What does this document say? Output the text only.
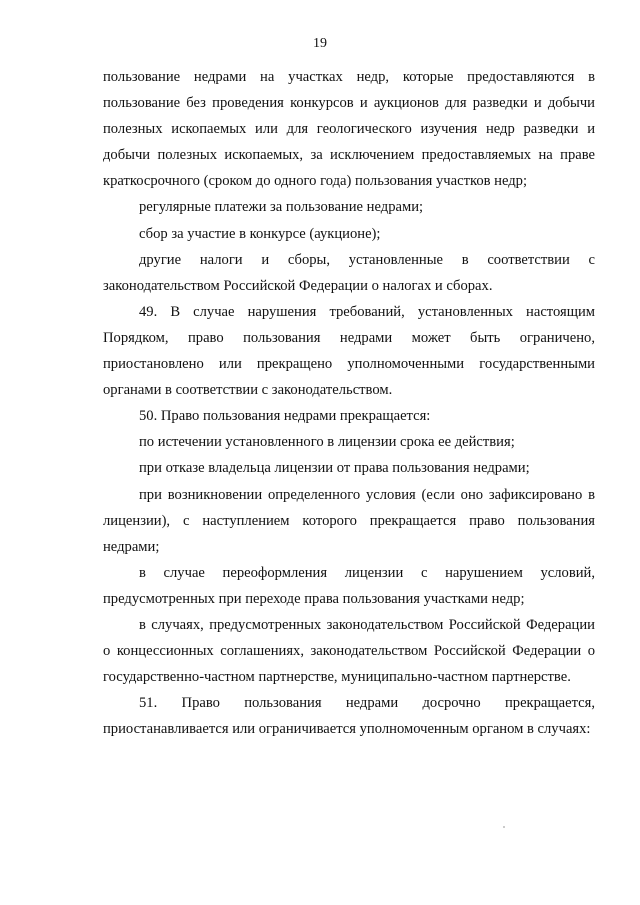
19

пользование недрами на участках недр, которые предоставляются в пользование без проведения конкурсов и аукционов для разведки и добычи полезных ископаемых или для геологического изучения недр разведки и добычи полезных ископаемых, за исключением предоставляемых на праве краткосрочного (сроком до одного года) пользования участков недр;

регулярные платежи за пользование недрами;

сбор за участие в конкурсе (аукционе);

другие налоги и сборы, установленные в соответствии с законодательством Российской Федерации о налогах и сборах.

49. В случае нарушения требований, установленных настоящим Порядком, право пользования недрами может быть ограничено, приостановлено или прекращено уполномоченными государственными органами в соответствии с законодательством.

50. Право пользования недрами прекращается:

по истечении установленного в лицензии срока ее действия;

при отказе владельца лицензии от права пользования недрами;

при возникновении определенного условия (если оно зафиксировано в лицензии), с наступлением которого прекращается право пользования недрами;

в случае переоформления лицензии с нарушением условий, предусмотренных при переходе права пользования участками недр;

в случаях, предусмотренных законодательством Российской Федерации о концессионных соглашениях, законодательством Российской Федерации о государственно-частном партнерстве, муниципально-частном партнерстве.

51. Право пользования недрами досрочно прекращается, приостанавливается или ограничивается уполномоченным органом в случаях:
